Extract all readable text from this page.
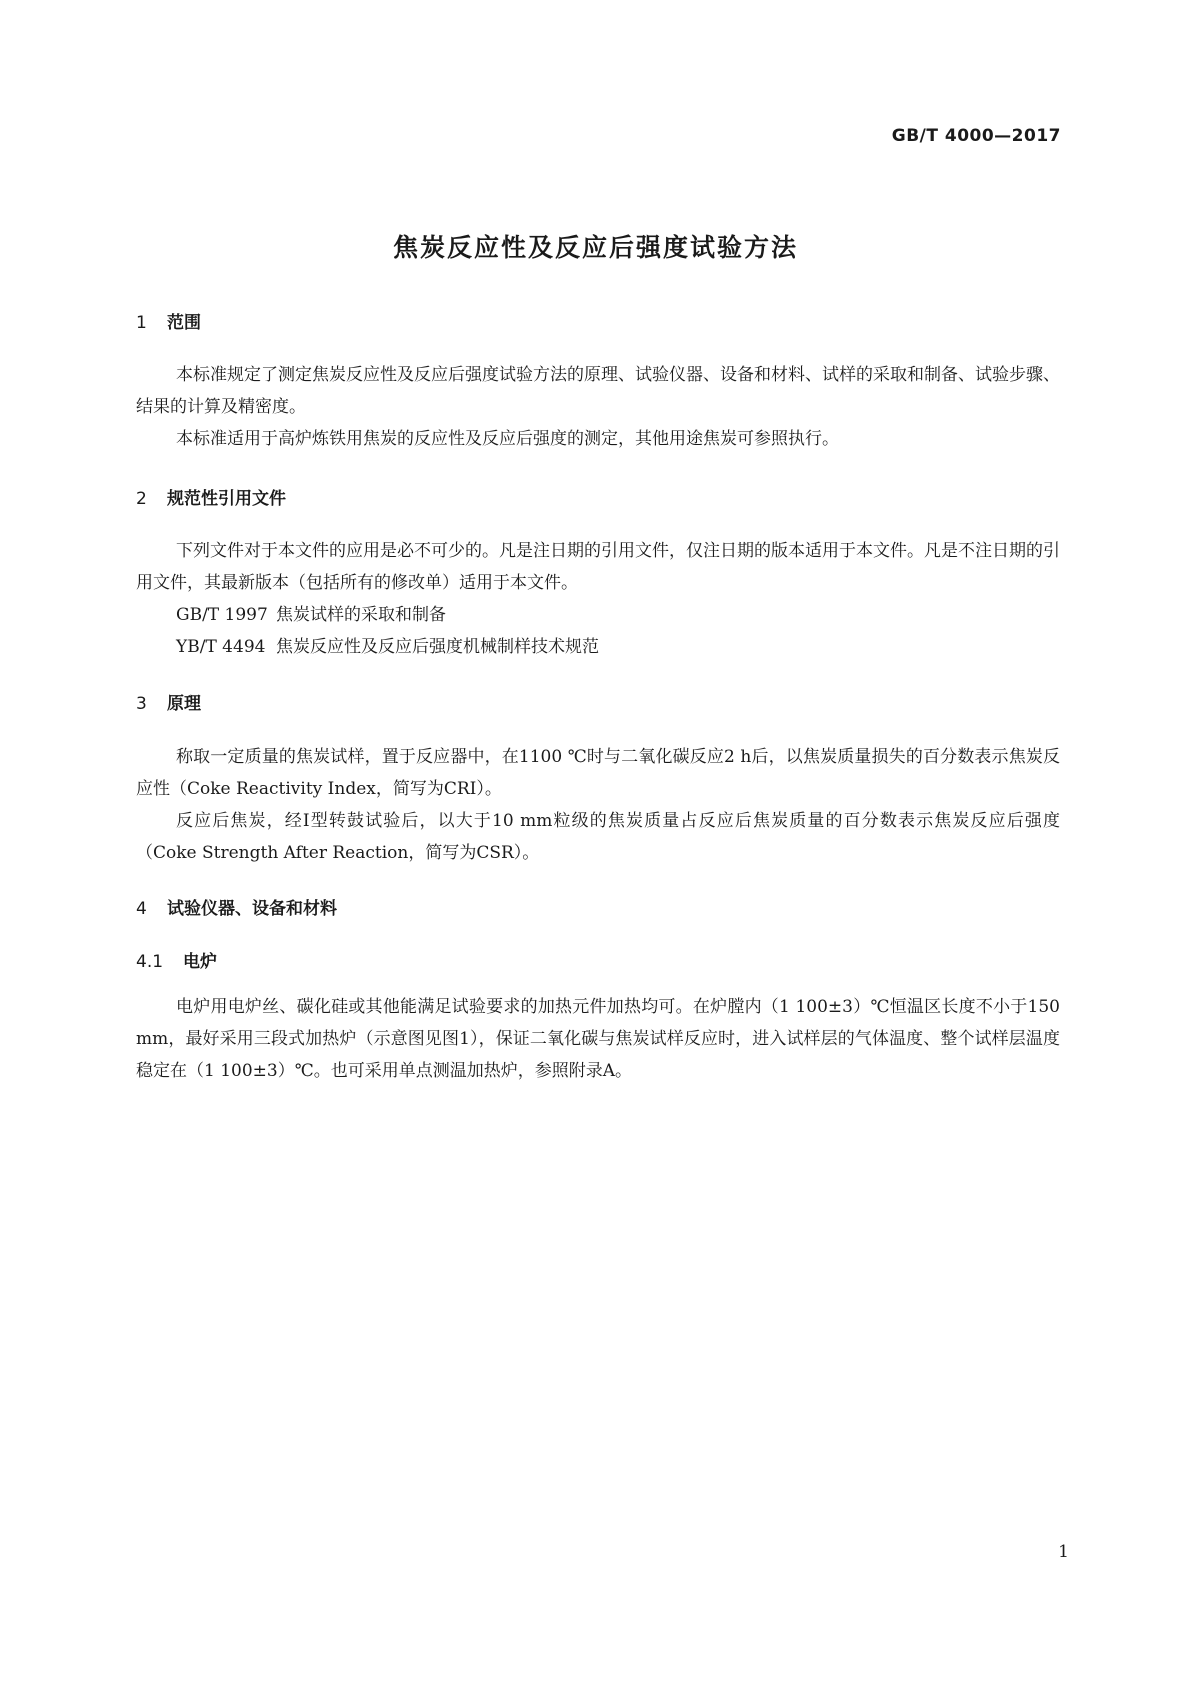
GB/T 4000—2017
焦炭反应性及反应后强度试验方法
1 范围

本标准规定了测定焦炭反应性及反应后强度试验方法的原理、试验仪器、设备和材料、试样的采取和制备、试验步骤、结果的计算及精密度。

本标准适用于高炉炼铁用焦炭的反应性及反应后强度的测定，其他用途焦炭可参照执行。

2 规范性引用文件

下列文件对于本文件的应用是必不可少的。凡是注日期的引用文件，仅注日期的版本适用于本文件。凡是不注日期的引用文件，其最新版本（包括所有的修改单）适用于本文件。

GB/T 1997 焦炭试样的采取和制备

YB/T 4494 焦炭反应性及反应后强度机械制样技术规范

3 原理

称取一定质量的焦炭试样，置于反应器中，在1100 ℃时与二氧化碳反应2 h后，以焦炭质量损失的百分数表示焦炭反应性（Coke Reactivity Index，简写为CRI）。

反应后焦炭，经Ⅰ型转鼓试验后，以大于10 mm粒级的焦炭质量占反应后焦炭质量的百分数表示焦炭反应后强度（Coke Strength After Reaction，简写为CSR）。

4 试验仪器、设备和材料
4.1 电炉

电炉用电炉丝、碳化硅或其他能满足试验要求的加热元件加热均可。在炉膛内（1 100±3）℃恒温区长度不小于150 mm，最好采用三段式加热炉（示意图见图1），保证二氧化碳与焦炭试样反应时，进入试样层的气体温度、整个试样层温度稳定在（1 100±3）℃。也可采用单点测温加热炉，参照附录A。

1
